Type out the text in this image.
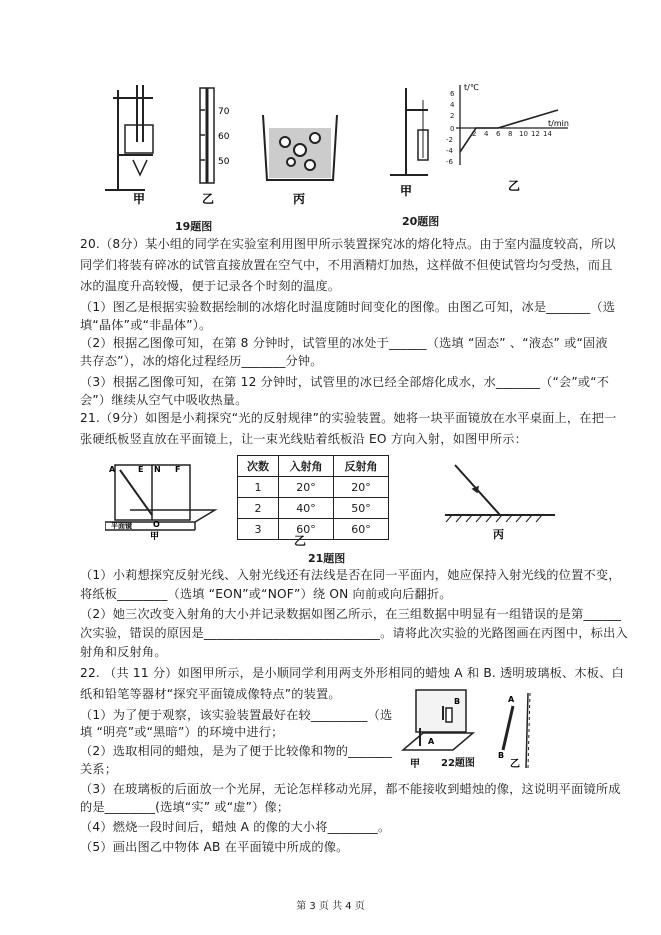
70
60
50
甲	乙	丙
19题图
t/℃
t/min
2 4 6 8 10 12 14
6
4
2
0
-2
-4
-6
甲	乙
20题图
20.（8分）某小组的同学在实验室利用图甲所示装置探究冰的熔化特点。由于室内温度较高，所以
同学们将装有碎冰的试管直接放置在空气中，不用酒精灯加热，这样做不但使试管均匀受热，而且
冰的温度升高较慢，便于记录各个时刻的温度。
（1）图乙是根据实验数据绘制的冰熔化时温度随时间变化的图像。由图乙可知，冰是_______（选
填“晶体”或“非晶体”）。
（2）根据乙图像可知，在第 8 分钟时，试管里的冰处于______（选填 “固态” 、“液态” 或“固液
共存态”），冰的熔化过程经历_______分钟。
（3）根据乙图像可知，在第 12 分钟时，试管里的冰已经全部熔化成水，水_______（“会”或“不
会”）继续从空气中吸收热量。
21.（9分）如图是小莉探究“光的反射规律”的实验装置。她将一块平面镜放在水平桌面上，在把一
张硬纸板竖直放在平面镜上，让一束光线贴着纸板沿 EO 方向入射，如图甲所示：
A	E N F
O
平面镜
甲
次数	入射角	反射角
1	20°	20°
2	40°	50°
3	60°	60°
乙	丙
21题图
（1）小莉想探究反射光线、入射光线还有法线是否在同一平面内，她应保持入射光线的位置不变，
将纸板________（选填 “EON”或“NOF”）绕 ON 向前或向后翻折。
（2）她三次改变入射角的大小并记录数据如图乙所示，在三组数据中明显有一组错误的是第______
次实验，错误的原因是____________________________。请将此次实验的光路图画在丙图中，标出入
射角和反射角。
22. （共 11 分）如图甲所示，是小顺同学利用两支外形相同的蜡烛 A 和 B. 透明玻璃板、木板、白
纸和铅笔等器材“探究平面镜成像特点”的装置。
（1）为了便于观察，该实验装置最好在较_________（选
填 “明亮”或“黑暗”）的环境中进行；
（2）选取相同的蜡烛，是为了便于比较像和物的_______
关系；
B
A
A
B
甲	乙
22题图
（3）在玻璃板的后面放一个光屏，无论怎样移动光屏，都不能接收到蜡烛的像，这说明平面镜所成
的是________(选填“实” 或“虚”）像；
（4）燃烧一段时间后，蜡烛 A 的像的大小将________。
（5）画出图乙中物体 AB 在平面镜中所成的像。
第 3 页 共 4 页
